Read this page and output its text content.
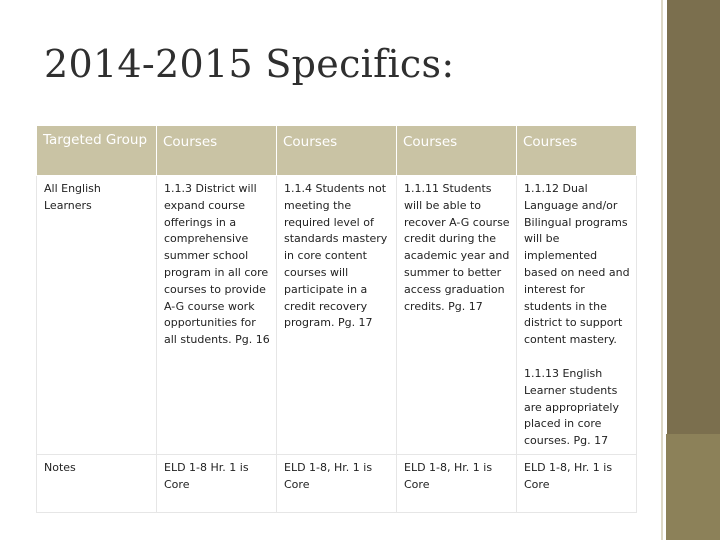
2014-2015 Specifics:
Targeted Group	Courses	Courses	Courses	Courses
All English Learners	1.1.3 District will expand course offerings in a comprehensive summer school program in all core courses to provide A-G course work opportunities for all students. Pg. 16	1.1.4 Students not meeting the required level of standards mastery in core content courses will participate in a credit recovery program. Pg. 17	1.1.11 Students will be able to recover A-G course credit during the academic year and summer to better access graduation credits. Pg. 17	1.1.12 Dual Language and/or Bilingual programs will be implemented based on need and interest for students in the district to support content mastery.
1.1.13 English Learner students are appropriately placed in core courses. Pg. 17

Notes	ELD 1-8 Hr. 1 is Core	ELD 1-8, Hr. 1 is Core	ELD 1-8, Hr. 1 is Core	ELD 1-8, Hr. 1 is Core
